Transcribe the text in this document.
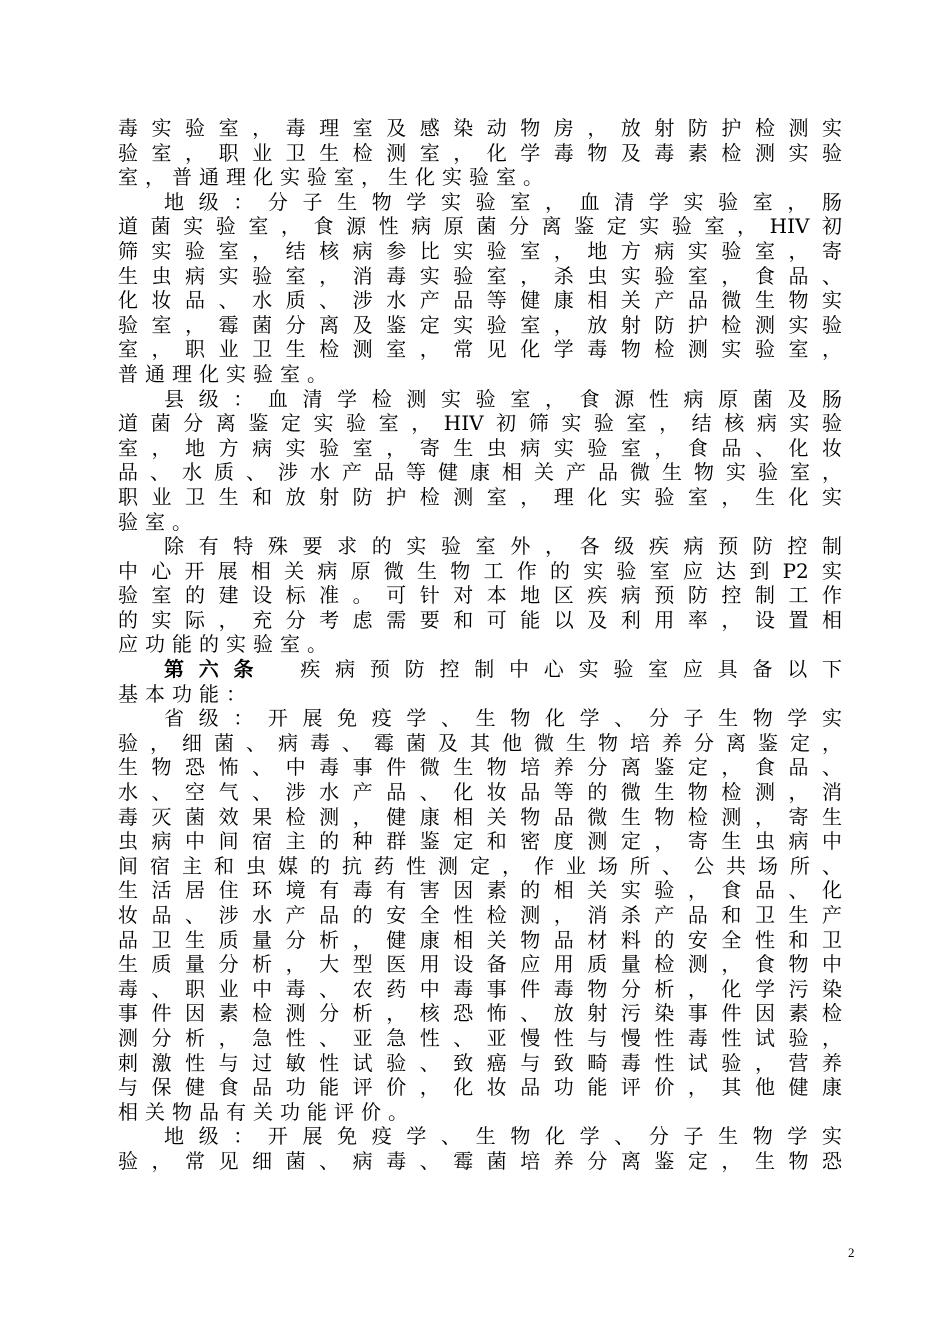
毒实验室，毒理室及感染动物房，放射防护检测实
验室，职业卫生检测室，化学毒物及毒素检测实验
室，普通理化实验室，生化实验室。
地级：分子生物学实验室，血清学实验室，肠
道菌实验室，食源性病原菌分离鉴定实验室，HIV初
筛实验室，结核病参比实验室，地方病实验室，寄
生虫病实验室，消毒实验室，杀虫实验室，食品、
化妆品、水质、涉水产品等健康相关产品微生物实
验室，霉菌分离及鉴定实验室，放射防护检测实验
室，职业卫生检测室，常见化学毒物检测实验室，
普通理化实验室。
县级：血清学检测实验室，食源性病原菌及肠
道菌分离鉴定实验室，HIV初筛实验室，结核病实验
室，地方病实验室，寄生虫病实验室，食品、化妆
品、水质、涉水产品等健康相关产品微生物实验室，
职业卫生和放射防护检测室，理化实验室，生化实
验室。
除有特殊要求的实验室外，各级疾病预防控制
中心开展相关病原微生物工作的实验室应达到P2实
验室的建设标准。可针对本地区疾病预防控制工作
的实际，充分考虑需要和可能以及利用率，设置相
应功能的实验室。
第六条 疾病预防控制中心实验室应具备以下
基本功能：
省级：开展免疫学、生物化学、分子生物学实
验，细菌、病毒、霉菌及其他微生物培养分离鉴定，
生物恐怖、中毒事件微生物培养分离鉴定，食品、
水、空气、涉水产品、化妆品等的微生物检测，消
毒灭菌效果检测，健康相关物品微生物检测，寄生
虫病中间宿主的种群鉴定和密度测定，寄生虫病中
间宿主和虫媒的抗药性测定，作业场所、公共场所、
生活居住环境有毒有害因素的相关实验，食品、化
妆品、涉水产品的安全性检测，消杀产品和卫生产
品卫生质量分析，健康相关物品材料的安全性和卫
生质量分析，大型医用设备应用质量检测，食物中
毒、职业中毒、农药中毒事件毒物分析，化学污染
事件因素检测分析，核恐怖、放射污染事件因素检
测分析，急性、亚急性、亚慢性与慢性毒性试验，
刺激性与过敏性试验、致癌与致畸毒性试验，营养
与保健食品功能评价，化妆品功能评价，其他健康
相关物品有关功能评价。
地级：开展免疫学、生物化学、分子生物学实
验，常见细菌、病毒、霉菌培养分离鉴定，生物恐
2
